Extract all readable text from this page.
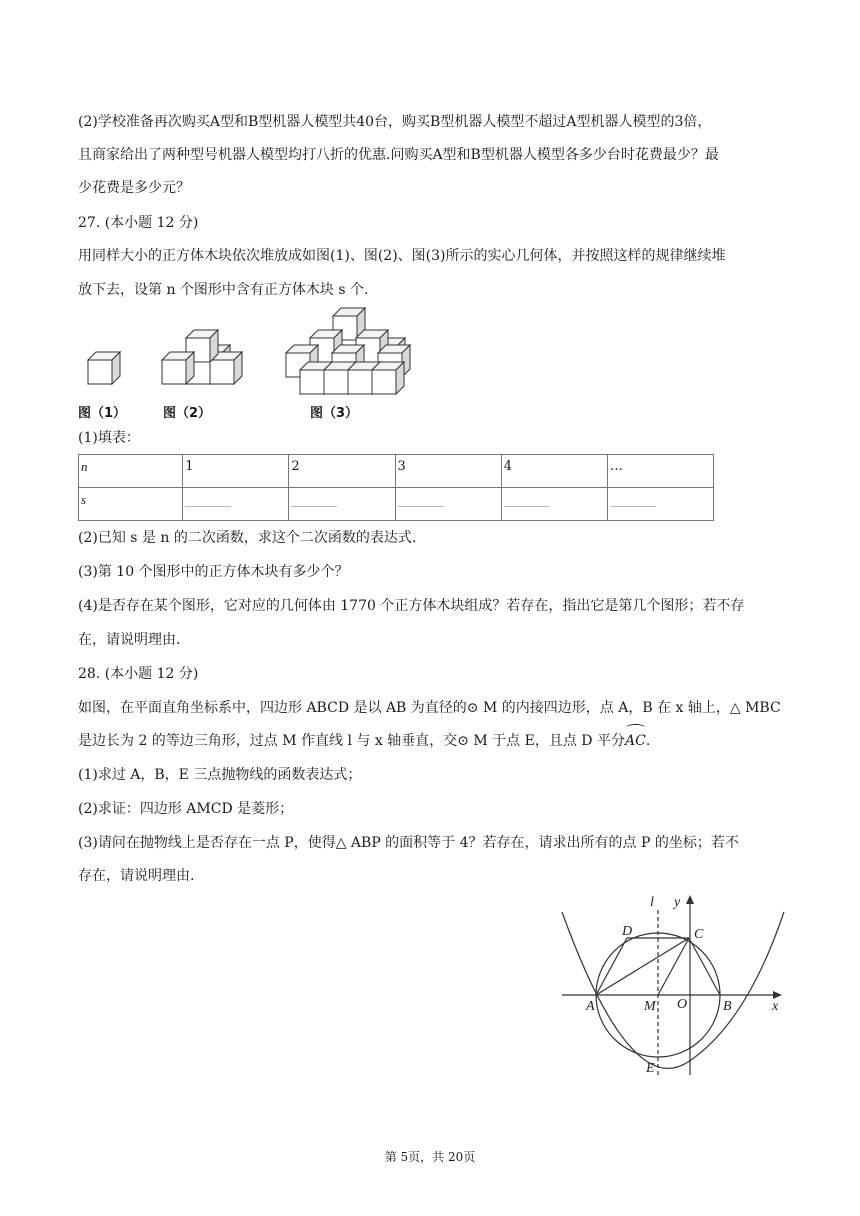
(2)学校准备再次购买A型和B型机器人模型共40台，购买B型机器人模型不超过A型机器人模型的3倍，
且商家给出了两种型号机器人模型均打八折的优惠.问购买A型和B型机器人模型各多少台时花费最少？最
少花费是多少元？
27. (本小题 12 分)
用同样大小的正方体木块依次堆放成如图(1)、图(2)、图(3)所示的实心几何体，并按照这样的规律继续堆
放下去，设第 n 个图形中含有正方体木块 s 个.
图（1）	图（2）	图（3）
(1)填表：
n	1	2	3	4	…
s					
(2)已知 s 是 n 的二次函数，求这个二次函数的表达式.
(3)第 10 个图形中的正方体木块有多少个？
(4)是否存在某个图形，它对应的几何体由 1770 个正方体木块组成？若存在，指出它是第几个图形；若不存
在，请说明理由.
28. (本小题 12 分)
如图，在平面直角坐标系中，四边形 ABCD 是以 AB 为直径的⊙ M 的内接四边形，点 A，B 在 x 轴上，△ MBC
是边长为 2 的等边三角形，过点 M 作直线 l 与 x 轴垂直，交⊙ M 于点 E，且点 D 平分AC.
(1)求过 A，B，E 三点抛物线的函数表达式；
(2)求证：四边形 AMCD 是菱形；
(3)请问在抛物线上是否存在一点 P，使得△ ABP 的面积等于 4？若存在，请求出所有的点 P 的坐标；若不
存在，请说明理由.
l y
D	C
A	M O	B	x
E
第 5页，共 20页
